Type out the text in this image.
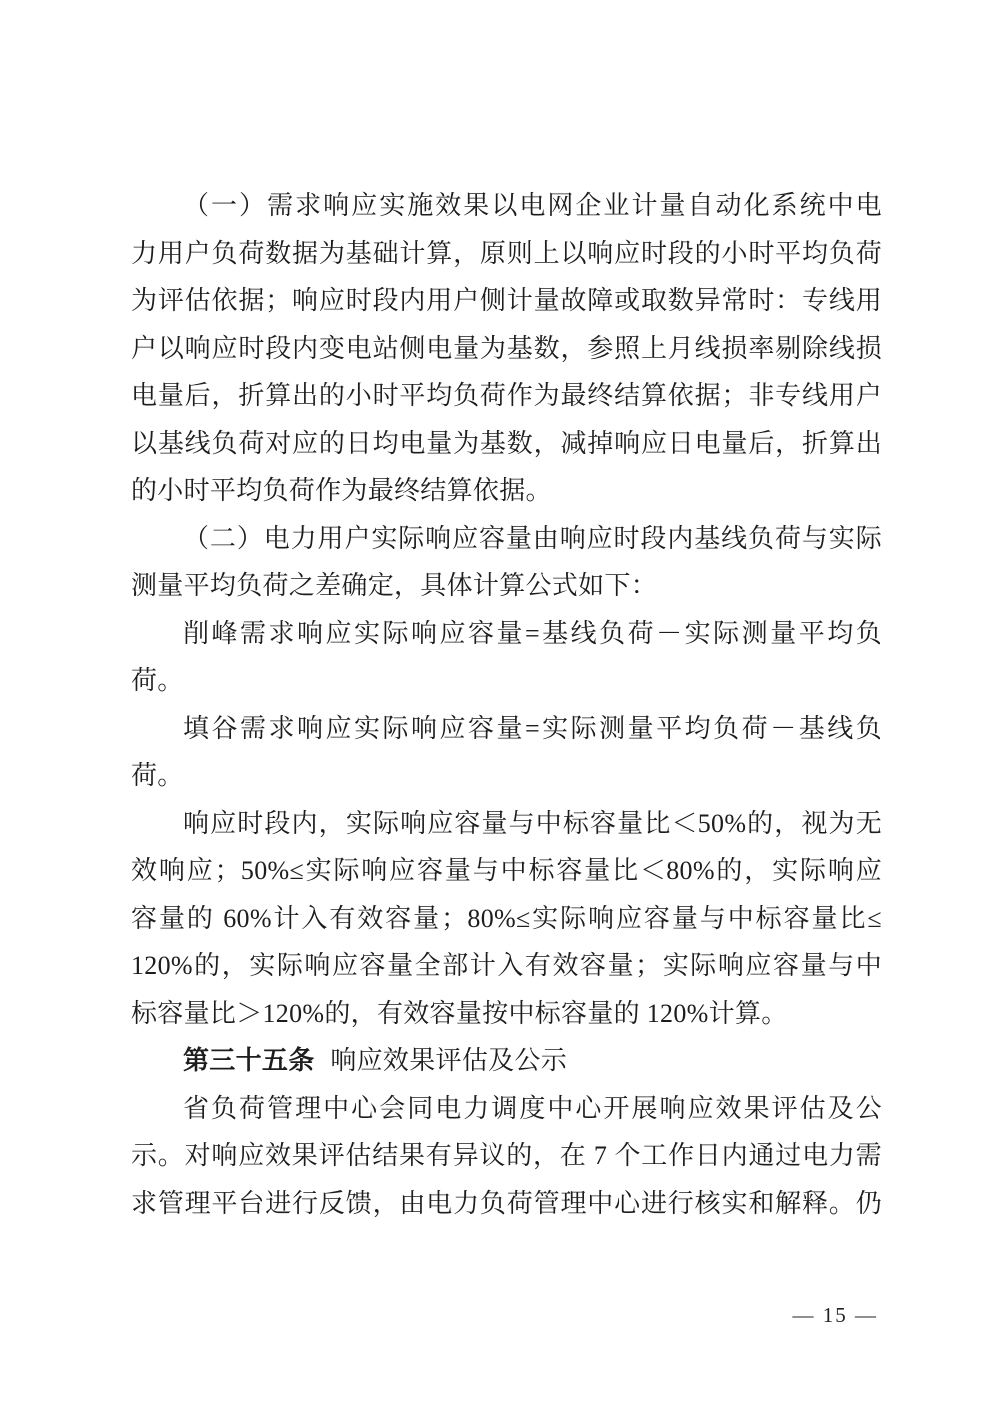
（一）需求响应实施效果以电网企业计量自动化系统中电
力用户负荷数据为基础计算，原则上以响应时段的小时平均负荷
为评估依据；响应时段内用户侧计量故障或取数异常时：专线用
户以响应时段内变电站侧电量为基数，参照上月线损率剔除线损
电量后，折算出的小时平均负荷作为最终结算依据；非专线用户
以基线负荷对应的日均电量为基数，减掉响应日电量后，折算出
的小时平均负荷作为最终结算依据。
（二）电力用户实际响应容量由响应时段内基线负荷与实际
测量平均负荷之差确定，具体计算公式如下：
削峰需求响应实际响应容量=基线负荷－实际测量平均负
荷。
填谷需求响应实际响应容量=实际测量平均负荷－基线负
荷。
响应时段内，实际响应容量与中标容量比＜50%的，视为无
效响应；50%≤实际响应容量与中标容量比＜80%的，实际响应
容量的 60%计入有效容量；80%≤实际响应容量与中标容量比≤
120%的，实际响应容量全部计入有效容量；实际响应容量与中
标容量比＞120%的，有效容量按中标容量的 120%计算。
第三十五条 响应效果评估及公示
省负荷管理中心会同电力调度中心开展响应效果评估及公
示。对响应效果评估结果有异议的，在 7 个工作日内通过电力需
求管理平台进行反馈，由电力负荷管理中心进行核实和解释。仍
— 15 —
